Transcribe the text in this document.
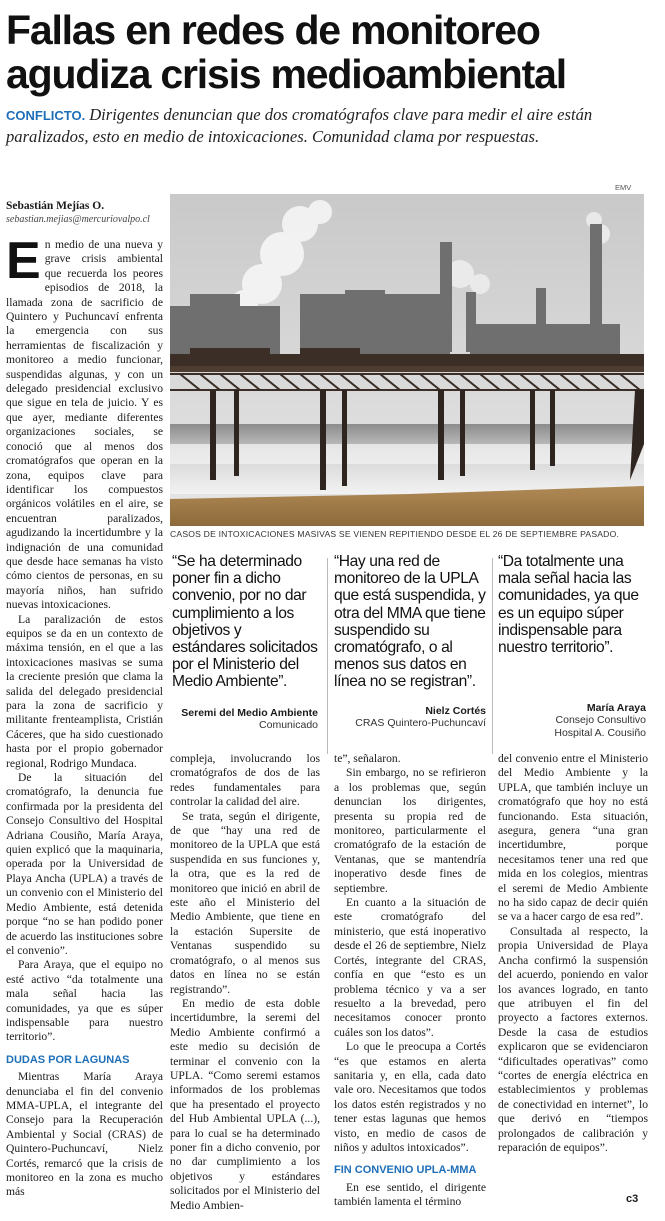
Fallas en redes de monitoreo
agudiza crisis medioambiental
CONFLICTO. Dirigentes denuncian que dos cromatógrafos clave para medir el aire están paralizados, esto en medio de intoxicaciones. Comunidad clama por respuestas.
Sebastián Mejías O.
sebastian.mejias@mercuriovalpo.cl
EMV
CASOS DE INTOXICACIONES MASIVAS SE VIENEN REPITIENDO DESDE EL 26 DE SEPTIEMBRE PASADO.
“Se ha determinado poner fin a dicho convenio, por no dar cumplimiento a los objetivos y estándares solicitados por el Ministerio del Medio Ambiente”.
Seremi del Medio Ambiente
Comunicado
“Hay una red de monitoreo de la UPLA que está suspendida, y otra del MMA que tiene suspendido su cromatógrafo, o al menos sus datos en línea no se registran”.
Nielz Cortés
CRAS Quintero-Puchuncaví
“Da totalmente una mala señal hacia las comunidades, ya que es un equipo súper indispensable para nuestro territorio”.
María Araya
Consejo Consultivo
Hospital A. Cousiño

En medio de una nueva y grave crisis ambiental que recuerda los peores episodios de 2018, la llamada zona de sacrificio de Quintero y Puchuncaví enfrenta la emergencia con sus herramientas de fiscalización y monitoreo a medio funcionar, suspendidas algunas, y con un delegado presidencial exclusivo que sigue en tela de juicio. Y es que ayer, mediante diferentes organizaciones sociales, se conoció que al menos dos cromatógrafos que operan en la zona, equipos clave para identificar los compuestos orgánicos volátiles en el aire, se encuentran paralizados, agudizando la incertidumbre y la indignación de una comunidad que desde hace semanas ha visto cómo cientos de personas, en su mayoría niños, han sufrido nuevas intoxicaciones.

La paralización de estos equipos se da en un contexto de máxima tensión, en el que a las intoxicaciones masivas se suma la creciente presión que clama la salida del delegado presidencial para la zona de sacrificio y militante frenteamplista, Cristián Cáceres, que ha sido cuestionado hasta por el propio gobernador regional, Rodrigo Mundaca.

De la situación del cromatógrafo, la denuncia fue confirmada por la presidenta del Consejo Consultivo del Hospital Adriana Cousiño, María Araya, quien explicó que la maquinaria, operada por la Universidad de Playa Ancha (UPLA) a través de un convenio con el Ministerio del Medio Ambiente, está detenida porque “no se han podido poner de acuerdo las instituciones sobre el convenio”.

Para Araya, que el equipo no esté activo “da totalmente una mala señal hacia las comunidades, ya que es súper indispensable para nuestro territorio”.

DUDAS POR LAGUNAS

Mientras María Araya denunciaba el fin del convenio MMA-UPLA, el integrante del Consejo para la Recuperación Ambiental y Social (CRAS) de Quintero-Puchuncaví, Nielz Cortés, remarcó que la crisis de monitoreo en la zona es mucho más

compleja, involucrando los cromatógrafos de dos de las redes fundamentales para controlar la calidad del aire.

Se trata, según el dirigente, de que “hay una red de monitoreo de la UPLA que está suspendida en sus funciones y, la otra, que es la red de monitoreo que inició en abril de este año el Ministerio del Medio Ambiente, que tiene en la estación Supersite de Ventanas suspendido su cromatógrafo, o al menos sus datos en línea no se están registrando”.

En medio de esta doble incertidumbre, la seremi del Medio Ambiente confirmó a este medio su decisión de terminar el convenio con la UPLA. “Como seremi estamos informados de los problemas que ha presentado el proyecto del Hub Ambiental UPLA (...), para lo cual se ha determinado poner fin a dicho convenio, por no dar cumplimiento a los objetivos y estándares solicitados por el Ministerio del Medio Ambien-

te”, señalaron.

Sin embargo, no se refirieron a los problemas que, según denuncian los dirigentes, presenta su propia red de monitoreo, particularmente el cromatógrafo de la estación de Ventanas, que se mantendría inoperativo desde fines de septiembre.

En cuanto a la situación de este cromatógrafo del ministerio, que está inoperativo desde el 26 de septiembre, Nielz Cortés, integrante del CRAS, confía en que “esto es un problema técnico y va a ser resuelto a la brevedad, pero necesitamos conocer pronto cuáles son los datos”.

Lo que le preocupa a Cortés “es que estamos en alerta sanitaria y, en ella, cada dato vale oro. Necesitamos que todos los datos estén registrados y no tener estas lagunas que hemos visto, en medio de casos de niños y adultos intoxicados”.

FIN CONVENIO UPLA-MMA

En ese sentido, el dirigente también lamenta el término

del convenio entre el Ministerio del Medio Ambiente y la UPLA, que también incluye un cromatógrafo que hoy no está funcionando. Esta situación, asegura, genera “una gran incertidumbre, porque necesitamos tener una red que mida en los colegios, mientras el seremi de Medio Ambiente no ha sido capaz de decir quién se va a hacer cargo de esa red”.

Consultada al respecto, la propia Universidad de Playa Ancha confirmó la suspensión del acuerdo, poniendo en valor los avances logrado, en tanto que atribuyen el fin del proyecto a factores externos. Desde la casa de estudios explicaron que se evidenciaron “dificultades operativas” como “cortes de energía eléctrica en establecimientos y problemas de conectividad en internet”, lo que derivó en “tiempos prolongados de calibración y reparación de equipos”.

c3
